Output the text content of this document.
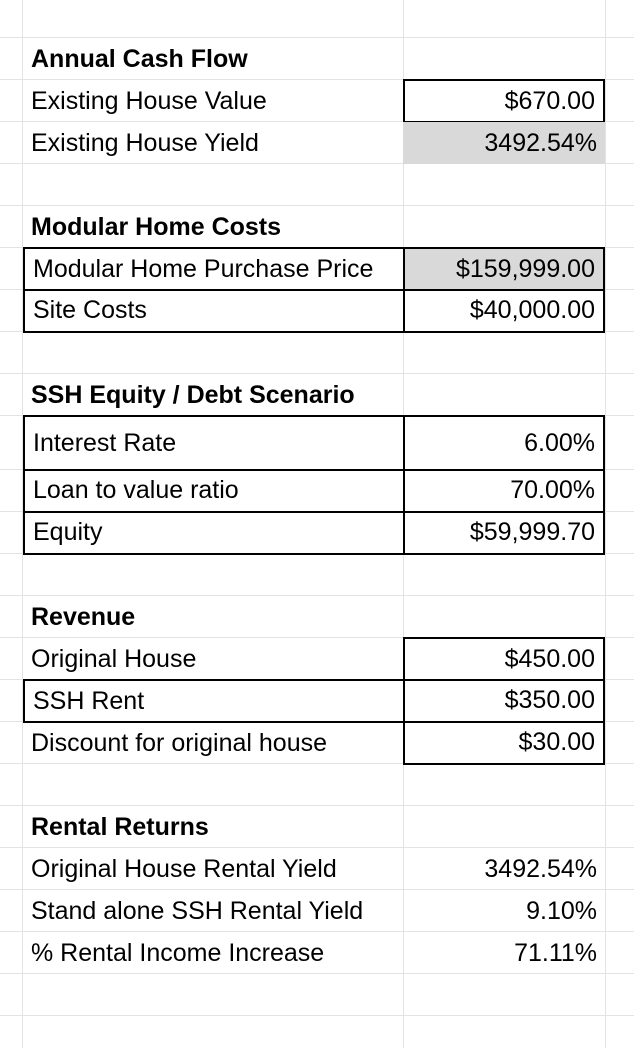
Annual Cash Flow
Existing House Value	$670.00
Existing House Yield	3492.54%
Modular Home Costs
Modular Home Purchase Price	$159,999.00
Site Costs	$40,000.00
SSH Equity / Debt Scenario
Interest Rate	6.00%
Loan to value ratio	70.00%
Equity	$59,999.70
Revenue
Original House	$450.00
SSH Rent	$350.00
Discount for original house	$30.00
Rental Returns
Original House Rental Yield	3492.54%
Stand alone SSH Rental Yield	9.10%
% Rental Income Increase	71.11%
